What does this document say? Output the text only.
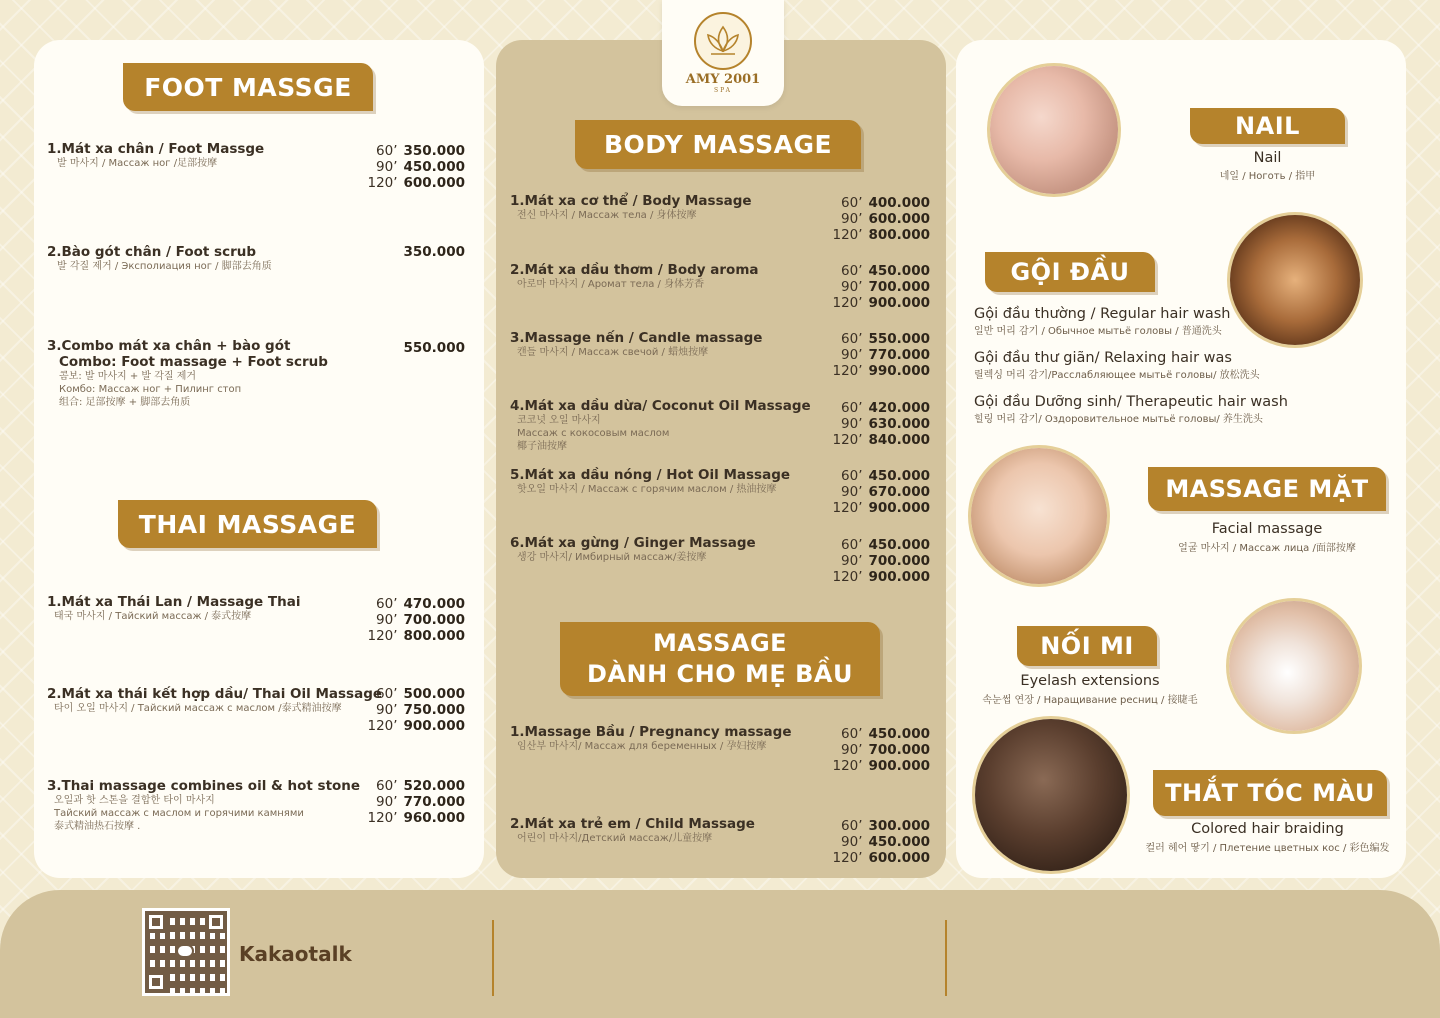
AMY 2001
SPA
FOOT MASSGE
1.Mát xa chân / Foot Massge
발 마사지 / Массаж ног /足部按摩
60’ 350.000
90’ 450.000
120’ 600.000
2.Bào gót chân / Foot scrub
발 각질 제거 / Эксполиация ног / 脚部去角质
350.000
3.Combo mát xa chân + bào gót
Combo: Foot massage + Foot scrub
콤보: 발 마사지 + 발 각질 제거
Комбо: Массаж ног + Пилинг стоп
组合: 足部按摩 + 脚部去角质
550.000
THAI MASSAGE
1.Mát xa Thái Lan / Massage Thai
태국 마사지 / Тайский массаж / 泰式按摩
60’ 470.000
90’ 700.000
120’ 800.000
2.Mát xa thái kết hợp dầu/ Thai Oil Massage
타이 오일 마사지 / Тайский массаж с маслом /泰式精油按摩
60’ 500.000
90’ 750.000
120’ 900.000
3.Thai massage combines oil & hot stone
오일과 핫 스톤을 결합한 타이 마사지
Тайский массаж с маслом и горячими камнями
泰式精油热石按摩 .
60’ 520.000
90’ 770.000
120’ 960.000
BODY MASSAGE
1.Mát xa cơ thể / Body Massage
전신 마사지 / Массаж тела / 身体按摩
60’ 400.000
90’ 600.000
120’ 800.000
2.Mát xa dầu thơm / Body aroma
아로마 마사지 / Аромат тела / 身体芳香
60’ 450.000
90’ 700.000
120’ 900.000
3.Massage nến / Candle massage
캔들 마사지 / Массаж свечой / 蜡烛按摩
60’ 550.000
90’ 770.000
120’ 990.000
4.Mát xa dầu dừa/ Coconut Oil Massage
코코넛 오일 마사지
Массаж с кокосовым маслом
椰子油按摩
60’ 420.000
90’ 630.000
120’ 840.000
5.Mát xa dầu nóng / Hot Oil Massage
핫오일 마사지 / Массаж с горячим маслом / 热油按摩
60’ 450.000
90’ 670.000
120’ 900.000
6.Mát xa gừng / Ginger Massage
생강 마사지/ Имбирный массаж/姜按摩
60’ 450.000
90’ 700.000
120’ 900.000
MASSAGE
DÀNH CHO MẸ BẦU
1.Massage Bầu / Pregnancy massage
임산부 마사지/ Массаж для беременных / 孕妇按摩
60’ 450.000
90’ 700.000
120’ 900.000
2.Mát xa trẻ em / Child Massage
어린이 마사지/Детский массаж/儿童按摩
60’ 300.000
90’ 450.000
120’ 600.000
NAIL
Nail
네일 / Ноготь / 指甲
GỘI ĐẦU
Gội đầu thường / Regular hair wash
일반 머리 감기 / Обычное мытьё головы / 普通洗头
Gội đầu thư giãn/ Relaxing hair was
릴렉싱 머리 감기/Расслабляющее мытьё головы/ 放松洗头
Gội đầu Dưỡng sinh/ Therapeutic hair wash
힐링 머리 감기/ Оздоровительное мытьё головы/ 养生洗头
MASSAGE MẶT
Facial massage
얼굴 마사지 / Массаж лица /面部按摩
NỐI MI
Eyelash extensions
속눈썹 연장 / Наращивание ресниц / 接睫毛
THẮT TÓC MÀU
Colored hair braiding
컬러 헤어 땋기 / Плетение цветных кос / 彩色编发
Kakaotalk
